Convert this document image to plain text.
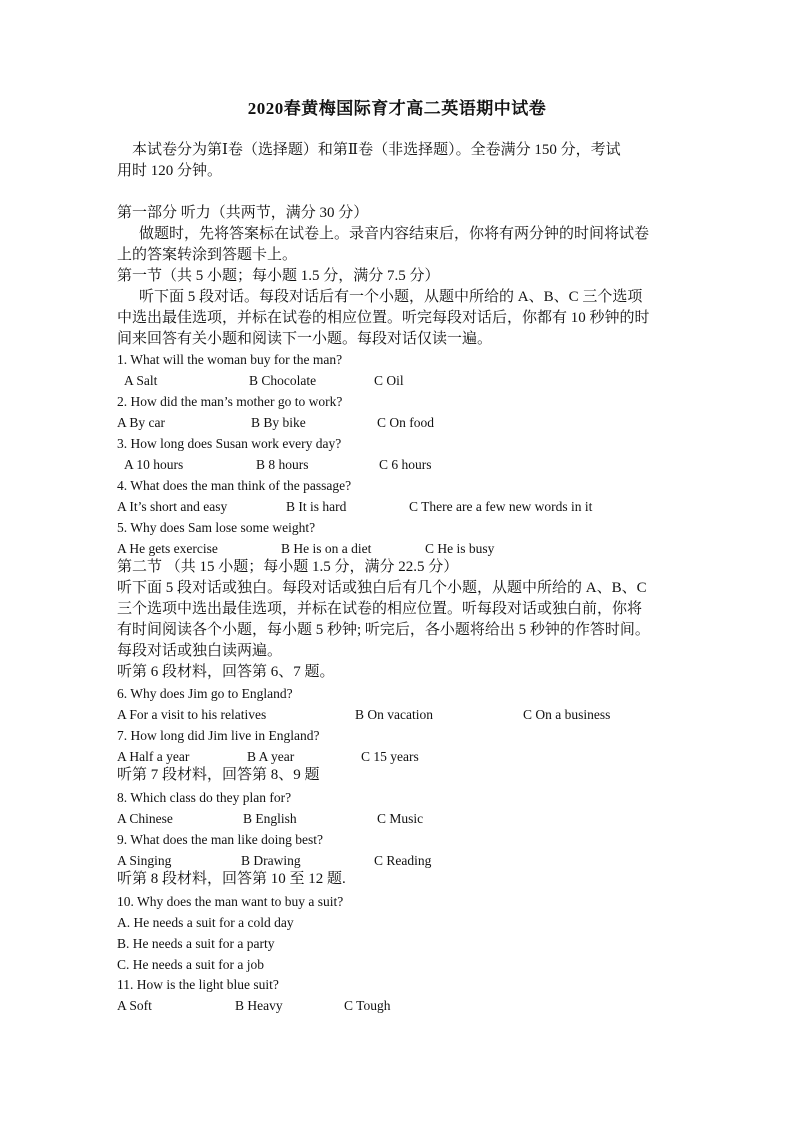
2020春黄梅国际育才高二英语期中试卷
本试卷分为第Ⅰ卷（选择题）和第Ⅱ卷（非选择题）。全卷满分 150 分，考试
用时 120 分钟。
第一部分 听力（共两节，满分 30 分）
做题时，先将答案标在试卷上。录音内容结束后，你将有两分钟的时间将试卷
上的答案转涂到答题卡上。
第一节（共 5 小题；每小题 1.5 分，满分 7.5 分）
听下面 5 段对话。每段对话后有一个小题，从题中所给的 A、B、C 三个选项
中选出最佳选项，并标在试卷的相应位置。听完每段对话后，你都有 10 秒钟的时
间来回答有关小题和阅读下一小题。每段对话仅读一遍。
1. What will the woman buy for the man?
A Salt	B Chocolate	C Oil
2. How did the man’s mother go to work?
A By car	B By bike	C On food
3. How long does Susan work every day?
A 10 hours	B 8 hours	C 6 hours
4. What does the man think of the passage?
A It’s short and easy	B It is hard	C There are a few new words in it
5. Why does Sam lose some weight?
A He gets exercise	B He is on a diet	C He is busy
第二节 （共 15 小题；每小题 1.5 分，满分 22.5 分）
听下面 5 段对话或独白。每段对话或独白后有几个小题，从题中所给的 A、B、C
三个选项中选出最佳选项，并标在试卷的相应位置。听每段对话或独白前，你将
有时间阅读各个小题，每小题 5 秒钟; 听完后，各小题将给出 5 秒钟的作答时间。
每段对话或独白读两遍。
听第 6 段材料，回答第 6、7 题。
6. Why does Jim go to England?
A For a visit to his relatives	B On vacation	C On a business
7. How long did Jim live in England?
A Half a year	B A year	C 15 years
听第 7 段材料，回答第 8、9 题
8. Which class do they plan for?
A Chinese	B English	C Music
9. What does the man like doing best?
A Singing	B Drawing	C Reading
听第 8 段材料，回答第 10 至 12 题.
10. Why does the man want to buy a suit?
A. He needs a suit for a cold day
B. He needs a suit for a party
C. He needs a suit for a job
11. How is the light blue suit?
A Soft	B Heavy	C Tough
